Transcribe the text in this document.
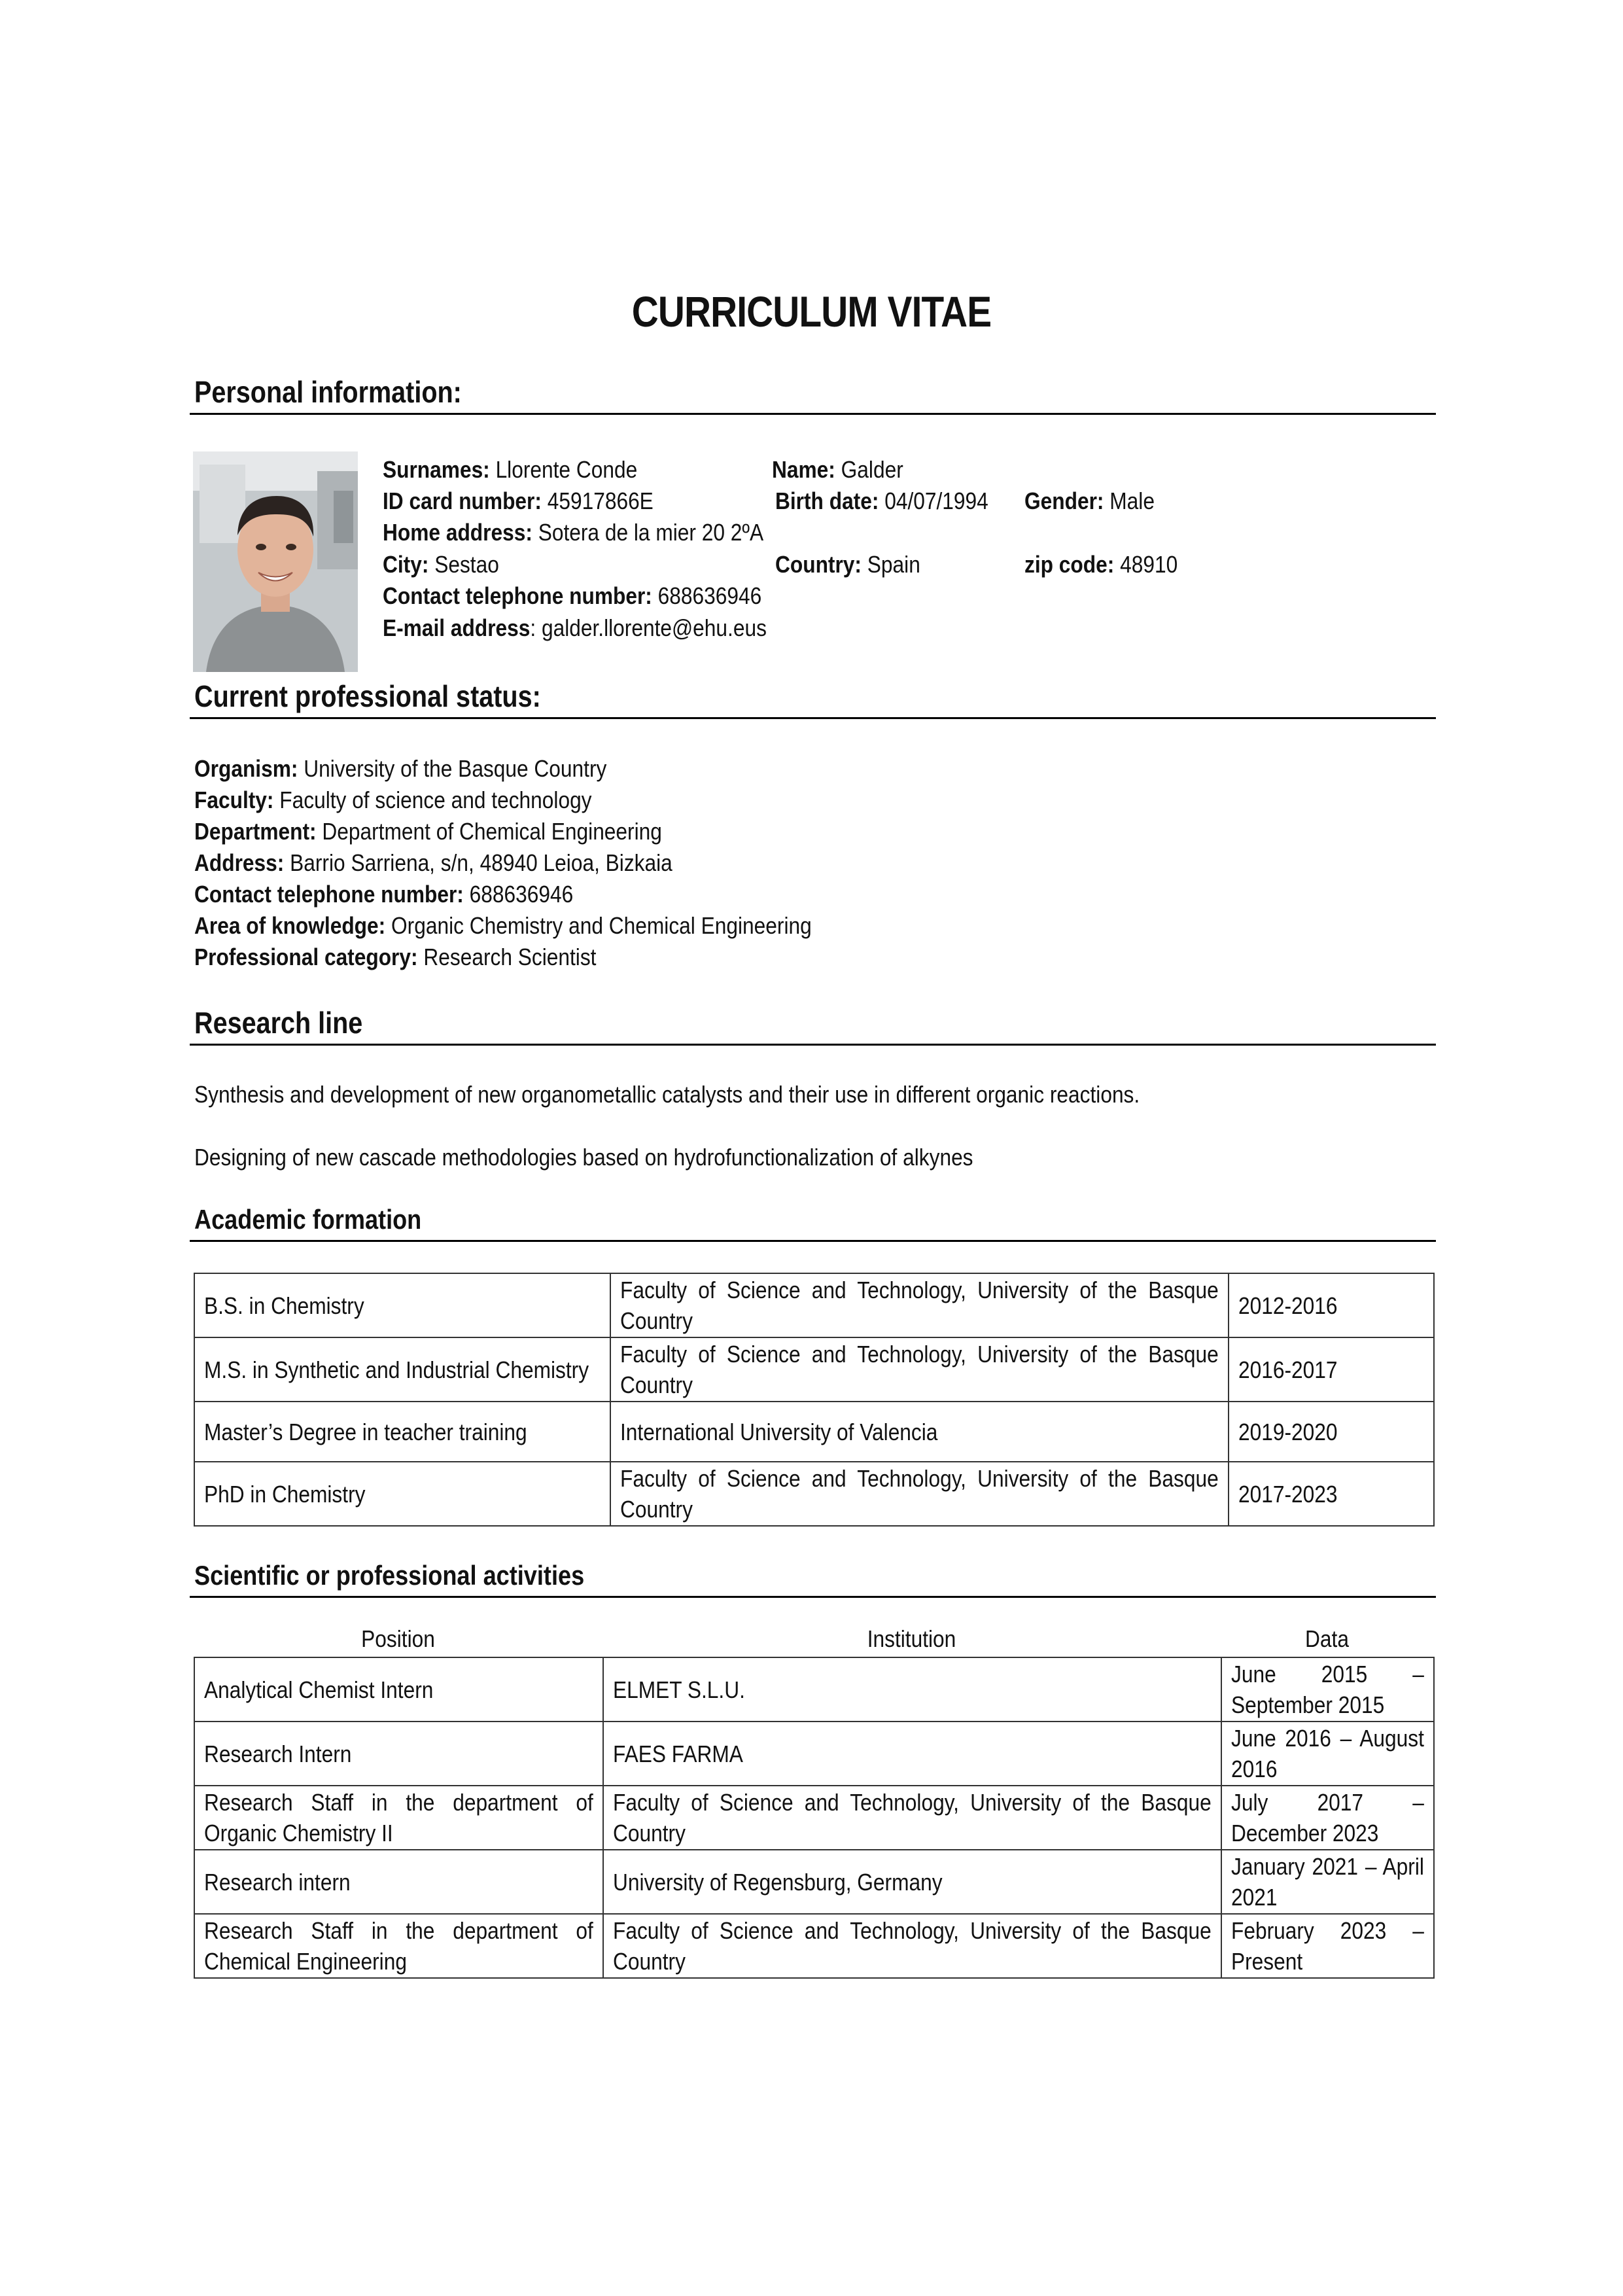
CURRICULUM VITAE
Personal information:
Surnames: Llorente Conde	Name: Galder
ID card number: 45917866E	Birth date: 04/07/1994 Gender: Male
Home address: Sotera de la mier 20 2ºA
City: Sestao	Country: Spain	zip code: 48910
Contact telephone number: 688636946
E-mail address: galder.llorente@ehu.eus
Current professional status:
Organism: University of the Basque Country
Faculty: Faculty of science and technology
Department: Department of Chemical Engineering
Address: Barrio Sarriena, s/n, 48940 Leioa, Bizkaia
Contact telephone number: 688636946
Area of knowledge: Organic Chemistry and Chemical Engineering
Professional category: Research Scientist
Research line
Synthesis and development of new organometallic catalysts and their use in different organic reactions.
Designing of new cascade methodologies based on hydrofunctionalization of alkynes
Academic formation
B.S. in Chemistry	Faculty of Science and Technology, University of the Basque Country	2012-2016

M.S. in Synthetic and Industrial Chemistry	Faculty of Science and Technology, University of the Basque Country	2016-2017

Master’s Degree in teacher training	International University of Valencia	2019-2020

PhD in Chemistry	Faculty of Science and Technology, University of the Basque Country	2017-2023
Scientific or professional activities
Position	Institution	Data
Analytical Chemist Intern	ELMET S.L.U.	June 2015 – September 2015

Research Intern	FAES FARMA	June 2016 – August 2016

Research Staff in the department of Organic Chemistry II	Faculty of Science and Technology, University of the Basque Country	July 2017 – December 2023

Research intern	University of Regensburg, Germany	January 2021 – April 2021

Research Staff in the department of Chemical Engineering	Faculty of Science and Technology, University of the Basque Country	February 2023 – Present
